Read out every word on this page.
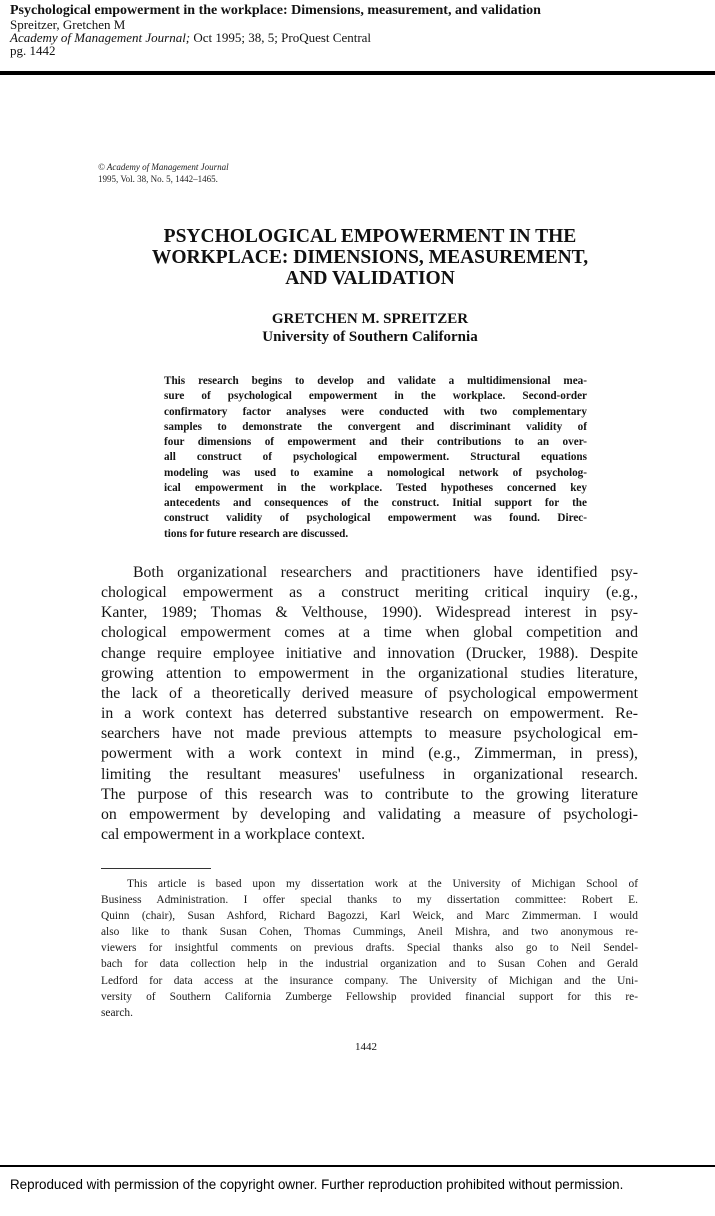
Psychological empowerment in the workplace: Dimensions, measurement, and validation
Spreitzer, Gretchen M
Academy of Management Journal; Oct 1995; 38, 5; ProQuest Central
pg. 1442
© Academy of Management Journal
1995, Vol. 38, No. 5, 1442–1465.
PSYCHOLOGICAL EMPOWERMENT IN THE
WORKPLACE: DIMENSIONS, MEASUREMENT,
AND VALIDATION
GRETCHEN M. SPREITZER
University of Southern California
This research begins to develop and validate a multidimensional mea-
sure of psychological empowerment in the workplace. Second-order
confirmatory factor analyses were conducted with two complementary
samples to demonstrate the convergent and discriminant validity of
four dimensions of empowerment and their contributions to an over-
all construct of psychological empowerment. Structural equations
modeling was used to examine a nomological network of psycholog-
ical empowerment in the workplace. Tested hypotheses concerned key
antecedents and consequences of the construct. Initial support for the
construct validity of psychological empowerment was found. Direc-
tions for future research are discussed.
Both organizational researchers and practitioners have identified psy-
chological empowerment as a construct meriting critical inquiry (e.g.,
Kanter, 1989; Thomas & Velthouse, 1990). Widespread interest in psy-
chological empowerment comes at a time when global competition and
change require employee initiative and innovation (Drucker, 1988). Despite
growing attention to empowerment in the organizational studies literature,
the lack of a theoretically derived measure of psychological empowerment
in a work context has deterred substantive research on empowerment. Re-
searchers have not made previous attempts to measure psychological em-
powerment with a work context in mind (e.g., Zimmerman, in press),
limiting the resultant measures' usefulness in organizational research.
The purpose of this research was to contribute to the growing literature
on empowerment by developing and validating a measure of psychologi-
cal empowerment in a workplace context.
This article is based upon my dissertation work at the University of Michigan School of
Business Administration. I offer special thanks to my dissertation committee: Robert E.
Quinn (chair), Susan Ashford, Richard Bagozzi, Karl Weick, and Marc Zimmerman. I would
also like to thank Susan Cohen, Thomas Cummings, Aneil Mishra, and two anonymous re-
viewers for insightful comments on previous drafts. Special thanks also go to Neil Sendel-
bach for data collection help in the industrial organization and to Susan Cohen and Gerald
Ledford for data access at the insurance company. The University of Michigan and the Uni-
versity of Southern California Zumberge Fellowship provided financial support for this re-
search.
1442
Reproduced with permission of the copyright owner. Further reproduction prohibited without permission.
